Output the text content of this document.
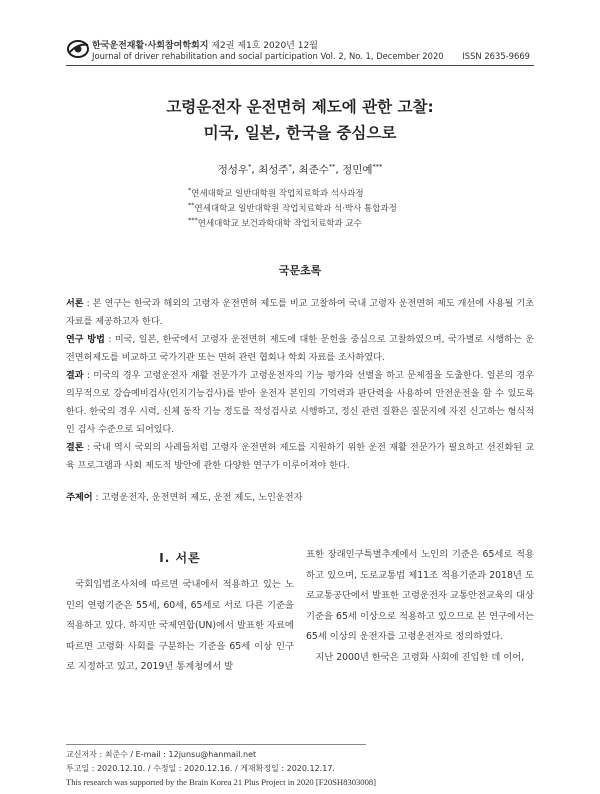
한국운전재활·사회참여학회지 제2권 제1호 2020년 12월
Journal of driver rehabilitation and social participation Vol. 2, No. 1, December 2020 ISSN 2635-9669
고령운전자 운전면허 제도에 관한 고찰:
미국, 일본, 한국을 중심으로
정성우*, 최성주*, 최준수**, 정민예***
*연세대학교 일반대학원 작업치료학과 석사과정
**연세대학교 일반대학원 작업치료학과 석·박사 통합과정
***연세대학교 보건과학대학 작업치료학과 교수
국문초록

서론 : 본 연구는 한국과 해외의 고령자 운전면허 제도를 비교 고찰하여 국내 고령자 운전면허 제도 개선에 사용될 기초자료를 제공하고자 한다.

연구 방법 : 미국, 일본, 한국에서 고령자 운전면허 제도에 대한 문헌을 중심으로 고찰하였으며, 국가별로 시행하는 운전면허제도를 비교하고 국가기관 또는 면허 관련 협회나 학회 자료를 조사하였다.

결과 : 미국의 경우 고령운전자 재활 전문가가 고령운전자의 기능 평가와 선별을 하고 문제점을 도출한다. 일본의 경우 의무적으로 강습예비검사(인지기능검사)를 받아 운전자 본인의 기억력과 판단력을 사용하여 안전운전을 할 수 있도록 한다. 한국의 경우 시력, 신체 동작 기능 정도를 적성검사로 시행하고, 정신 관련 질환은 질문지에 자진 신고하는 형식적인 검사 수준으로 되어있다.

결론 : 국내 역시 국외의 사례들처럼 고령자 운전면허 제도를 지원하기 위한 운전 재활 전문가가 필요하고 선진화된 교육 프로그램과 사회 제도적 방안에 관한 다양한 연구가 이루어져야 한다.

주제어 : 고령운전자, 운전면허 제도, 운전 제도, 노인운전자
Ⅰ. 서론

국회입법조사처에 따르면 국내에서 적용하고 있는 노인의 연령기준은 55세, 60세, 65세로 서로 다른 기준을 적용하고 있다. 하지만 국제연합(UN)에서 발표한 자료에 따르면 고령화 사회를 구분하는 기준을 65세 이상 인구로 지정하고 있고, 2019년 통계청에서 발

표한 장래인구특별추계에서 노인의 기준은 65세로 적용하고 있으며, 도로교통법 제11조 적용기준과 2018년 도로교통공단에서 발표한 고령운전자 교통안전교육의 대상 기준을 65세 이상으로 적용하고 있으므로 본 연구에서는 65세 이상의 운전자를 고령운전자로 정의하였다.

지난 2000년 한국은 고령화 사회에 진입한 데 이어,

교신저자 : 최준수 / E-mail : 12junsu@hanmail.net
투고일 : 2020.12.10. / 수정일 : 2020.12.16. / 게재확정일 : 2020.12.17.
This research was supported by the Brain Korea 21 Plus Project in 2020 [F20SH8303008]
